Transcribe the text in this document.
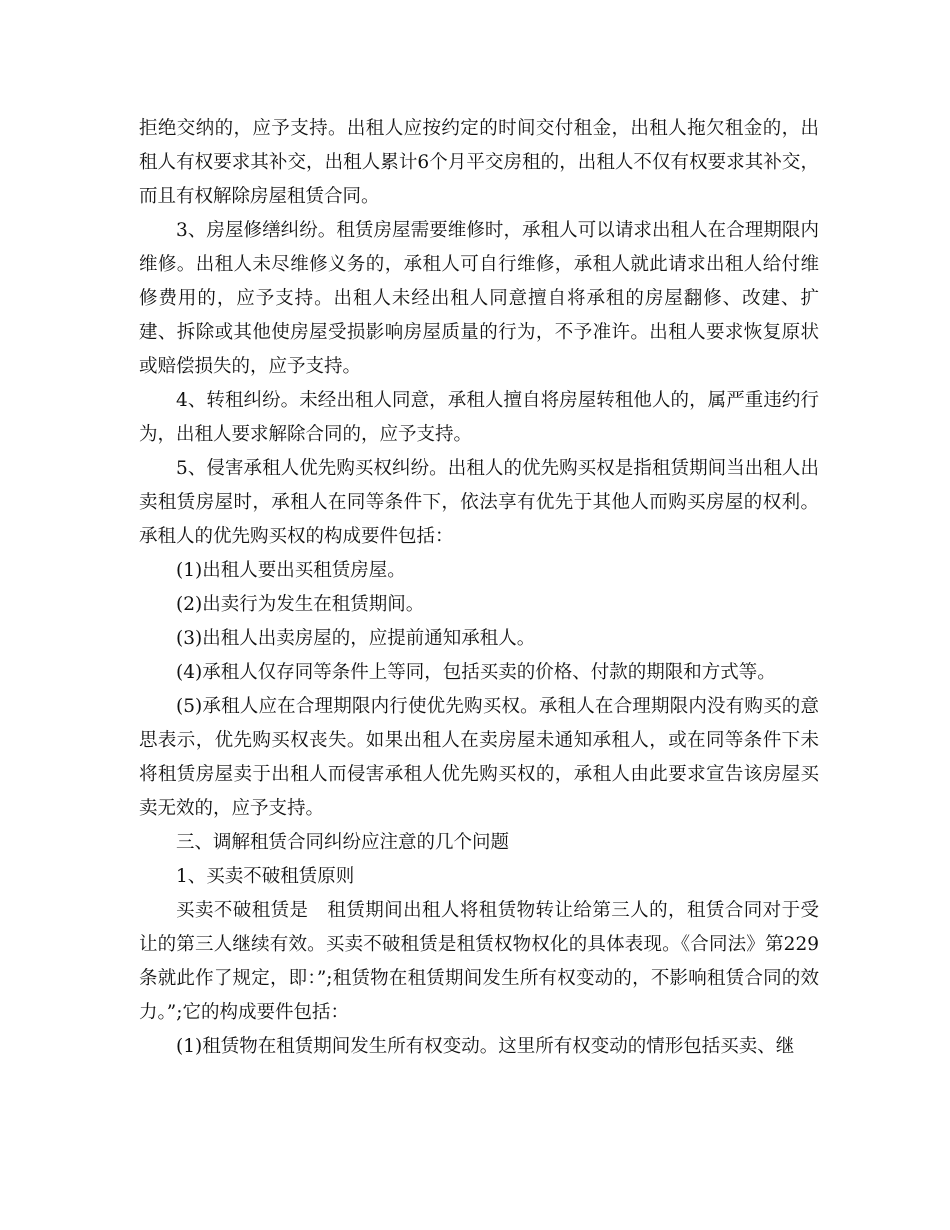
拒绝交纳的，应予支持。出租人应按约定的时间交付租金，出租人拖欠租金的，出租人有权要求其补交，出租人累计6个月平交房租的，出租人不仅有权要求其补交，而且有权解除房屋租赁合同。

3、房屋修缮纠纷。租赁房屋需要维修时，承租人可以请求出租人在合理期限内维修。出租人未尽维修义务的，承租人可自行维修，承租人就此请求出租人给付维修费用的，应予支持。出租人未经出租人同意擅自将承租的房屋翻修、改建、扩建、拆除或其他使房屋受损影响房屋质量的行为，不予准许。出租人要求恢复原状或赔偿损失的，应予支持。

4、转租纠纷。未经出租人同意，承租人擅自将房屋转租他人的，属严重违约行为，出租人要求解除合同的，应予支持。

5、侵害承租人优先购买权纠纷。出租人的优先购买权是指租赁期间当出租人出卖租赁房屋时，承租人在同等条件下，依法享有优先于其他人而购买房屋的权利。承租人的优先购买权的构成要件包括：

(1)出租人要出买租赁房屋。

(2)出卖行为发生在租赁期间。

(3)出租人出卖房屋的，应提前通知承租人。

(4)承租人仅存同等条件上等同，包括买卖的价格、付款的期限和方式等。

(5)承租人应在合理期限内行使优先购买权。承租人在合理期限内没有购买的意思表示，优先购买权丧失。如果出租人在卖房屋未通知承租人，或在同等条件下未将租赁房屋卖于出租人而侵害承租人优先购买权的，承租人由此要求宣告该房屋买卖无效的，应予支持。

三、调解租赁合同纠纷应注意的几个问题

1、买卖不破租赁原则

买卖不破租赁是　租赁期间出租人将租赁物转让给第三人的，租赁合同对于受让的第三人继续有效。买卖不破租赁是租赁权物权化的具体表现。《合同法》第229条就此作了规定，即：”;租赁物在租赁期间发生所有权变动的，不影响租赁合同的效力。”;它的构成要件包括：

(1)租赁物在租赁期间发生所有权变动。这里所有权变动的情形包括买卖、继
